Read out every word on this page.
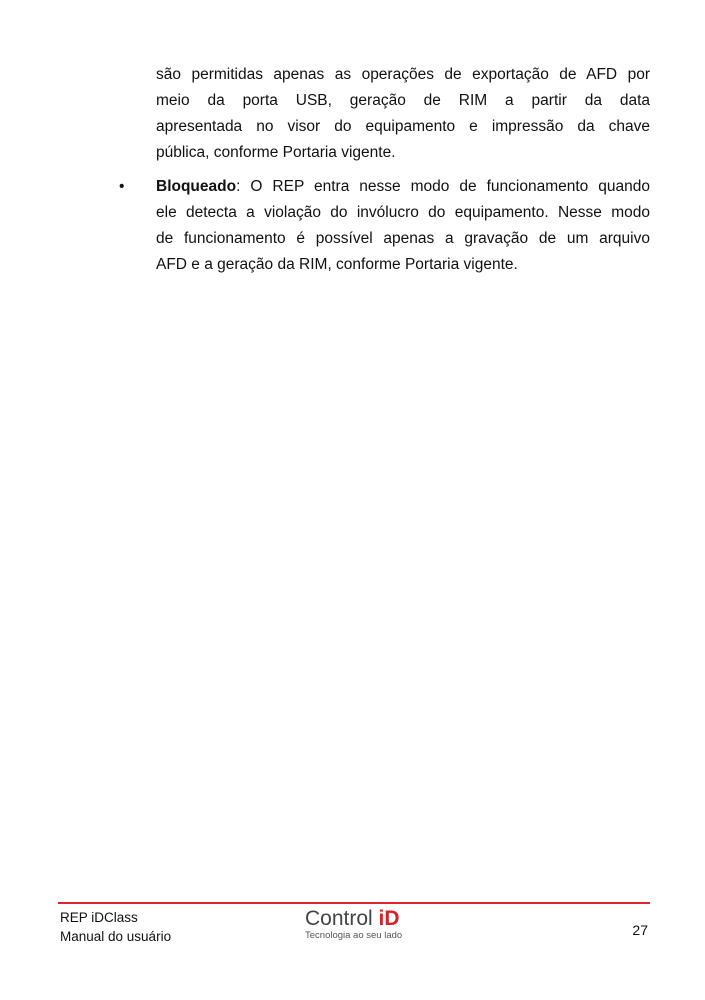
são permitidas apenas as operações de exportação de AFD por
meio da porta USB, geração de RIM a partir da data
apresentada no visor do equipamento e impressão da chave
pública, conforme Portaria vigente.

• Bloqueado: O REP entra nesse modo de funcionamento quando
ele detecta a violação do invólucro do equipamento. Nesse modo
de funcionamento é possível apenas a gravação de um arquivo
AFD e a geração da RIM, conforme Portaria vigente.

REP iDClass
Manual do usuário
Control iD
Tecnologia ao seu lado	27
